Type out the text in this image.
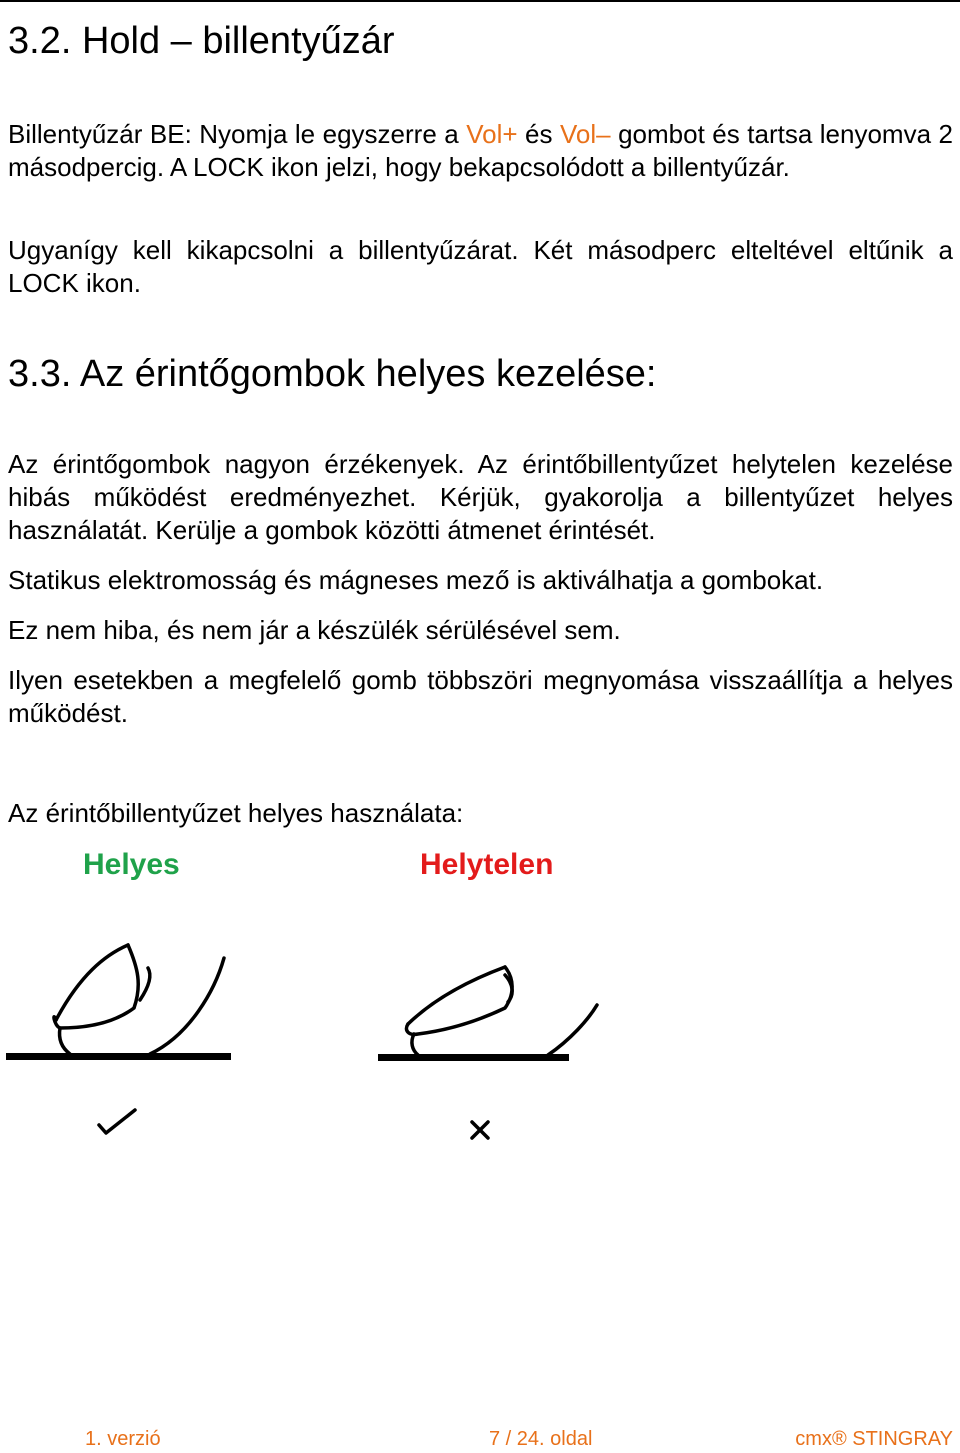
3.2. Hold – billentyűzár

Billentyűzár BE: Nyomja le egyszerre a Vol+ és Vol– gombot és tartsa lenyomva 2 másodpercig. A LOCK ikon jelzi, hogy bekapcsolódott a billentyűzár.

Ugyanígy kell kikapcsolni a billentyűzárat. Két másodperc elteltével eltűnik a LOCK ikon.

3.3. Az érintőgombok helyes kezelése:

Az érintőgombok nagyon érzékenyek. Az érintőbillentyűzet helytelen kezelése hibás működést eredményezhet. Kérjük, gyakorolja a billentyűzet helyes használatát. Kerülje a gombok közötti átmenet érintését.

Statikus elektromosság és mágneses mező is aktiválhatja a gombokat.

Ez nem hiba, és nem jár a készülék sérülésével sem.

Ilyen esetekben a megfelelő gomb többszöri megnyomása visszaállítja a helyes működést.

Az érintőbillentyűzet helyes használata:

Helyes	Helytelen
1. verzió	7 / 24. oldal	cmx® STINGRAY
